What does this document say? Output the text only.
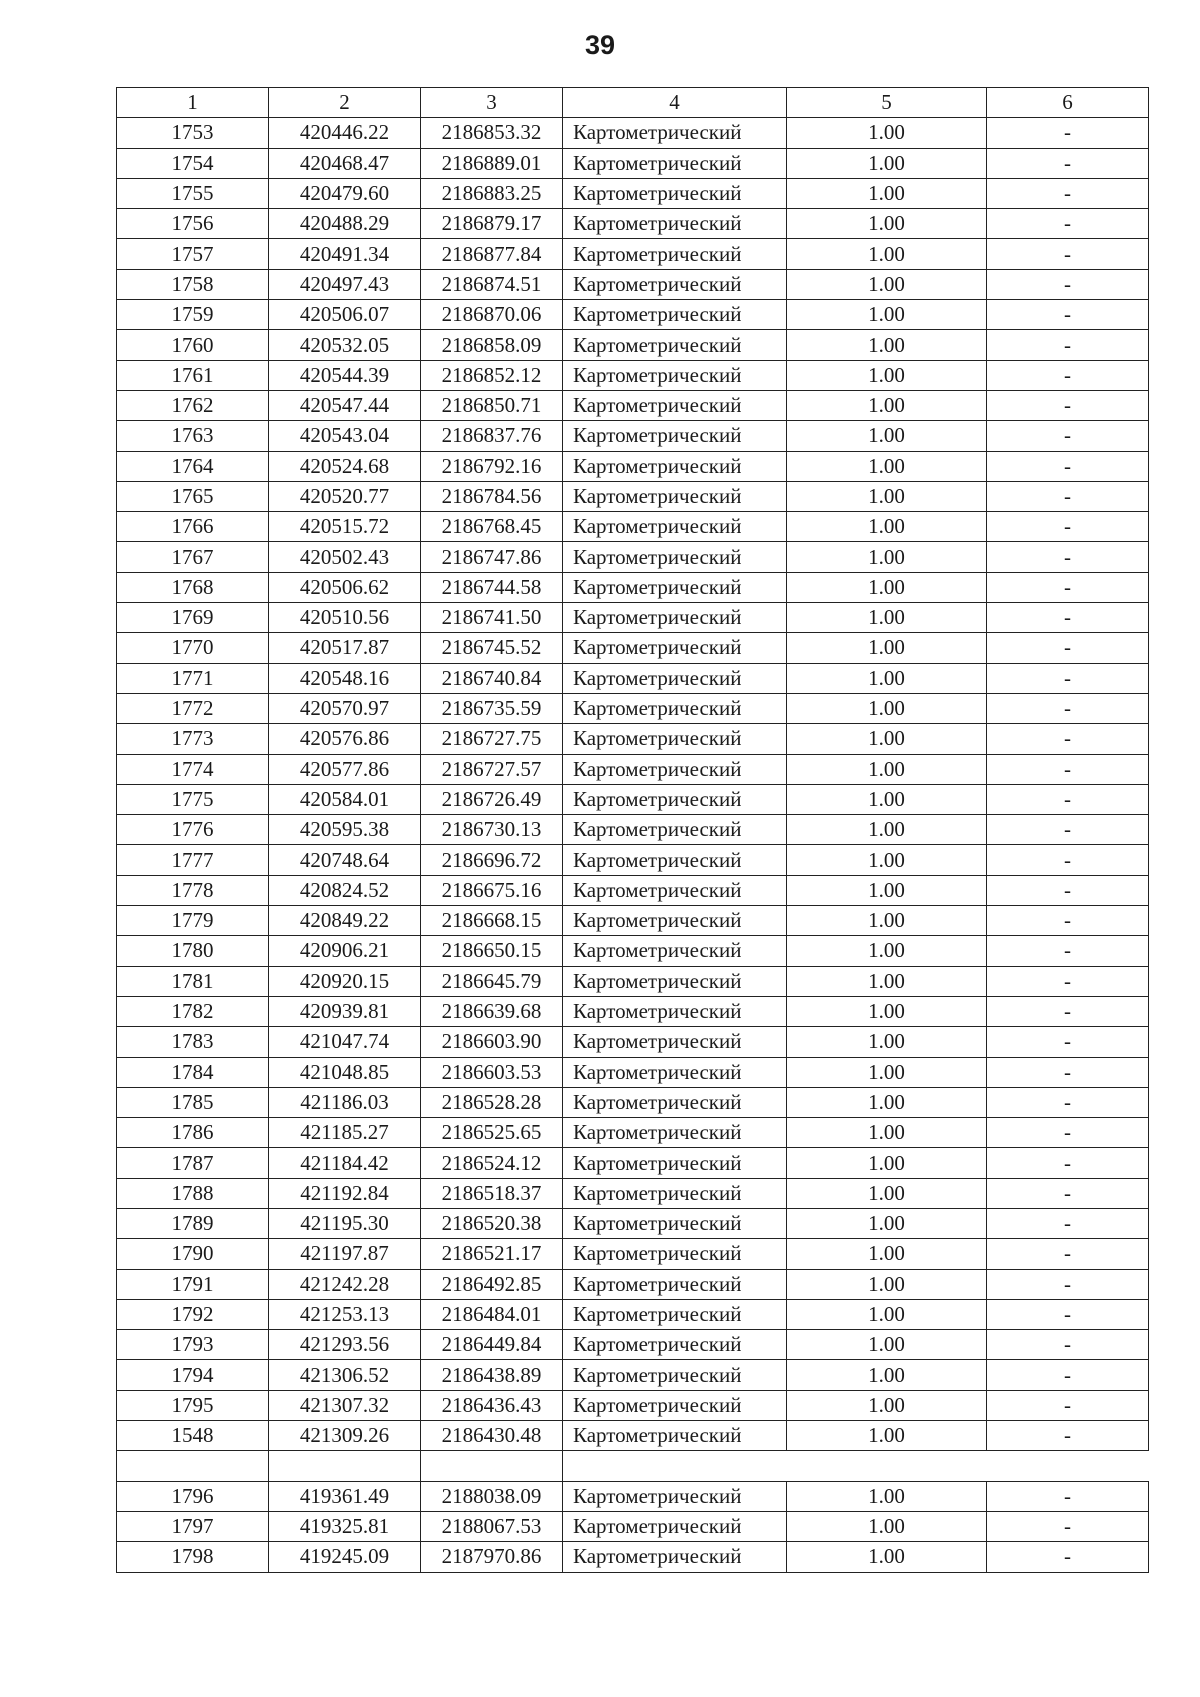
39
1	2	3	4	5	6
1753	420446.22	2186853.32	Картометрический	1.00	-
1754	420468.47	2186889.01	Картометрический	1.00	-
1755	420479.60	2186883.25	Картометрический	1.00	-
1756	420488.29	2186879.17	Картометрический	1.00	-
1757	420491.34	2186877.84	Картометрический	1.00	-
1758	420497.43	2186874.51	Картометрический	1.00	-
1759	420506.07	2186870.06	Картометрический	1.00	-
1760	420532.05	2186858.09	Картометрический	1.00	-
1761	420544.39	2186852.12	Картометрический	1.00	-
1762	420547.44	2186850.71	Картометрический	1.00	-
1763	420543.04	2186837.76	Картометрический	1.00	-
1764	420524.68	2186792.16	Картометрический	1.00	-
1765	420520.77	2186784.56	Картометрический	1.00	-
1766	420515.72	2186768.45	Картометрический	1.00	-
1767	420502.43	2186747.86	Картометрический	1.00	-
1768	420506.62	2186744.58	Картометрический	1.00	-
1769	420510.56	2186741.50	Картометрический	1.00	-
1770	420517.87	2186745.52	Картометрический	1.00	-
1771	420548.16	2186740.84	Картометрический	1.00	-
1772	420570.97	2186735.59	Картометрический	1.00	-
1773	420576.86	2186727.75	Картометрический	1.00	-
1774	420577.86	2186727.57	Картометрический	1.00	-
1775	420584.01	2186726.49	Картометрический	1.00	-
1776	420595.38	2186730.13	Картометрический	1.00	-
1777	420748.64	2186696.72	Картометрический	1.00	-
1778	420824.52	2186675.16	Картометрический	1.00	-
1779	420849.22	2186668.15	Картометрический	1.00	-
1780	420906.21	2186650.15	Картометрический	1.00	-
1781	420920.15	2186645.79	Картометрический	1.00	-
1782	420939.81	2186639.68	Картометрический	1.00	-
1783	421047.74	2186603.90	Картометрический	1.00	-
1784	421048.85	2186603.53	Картометрический	1.00	-
1785	421186.03	2186528.28	Картометрический	1.00	-
1786	421185.27	2186525.65	Картометрический	1.00	-
1787	421184.42	2186524.12	Картометрический	1.00	-
1788	421192.84	2186518.37	Картометрический	1.00	-
1789	421195.30	2186520.38	Картометрический	1.00	-
1790	421197.87	2186521.17	Картометрический	1.00	-
1791	421242.28	2186492.85	Картометрический	1.00	-
1792	421253.13	2186484.01	Картометрический	1.00	-
1793	421293.56	2186449.84	Картометрический	1.00	-
1794	421306.52	2186438.89	Картометрический	1.00	-
1795	421307.32	2186436.43	Картометрический	1.00	-
1548	421309.26	2186430.48	Картометрический	1.00	-

1796	419361.49	2188038.09	Картометрический	1.00	-
1797	419325.81	2188067.53	Картометрический	1.00	-
1798	419245.09	2187970.86	Картометрический	1.00	-
